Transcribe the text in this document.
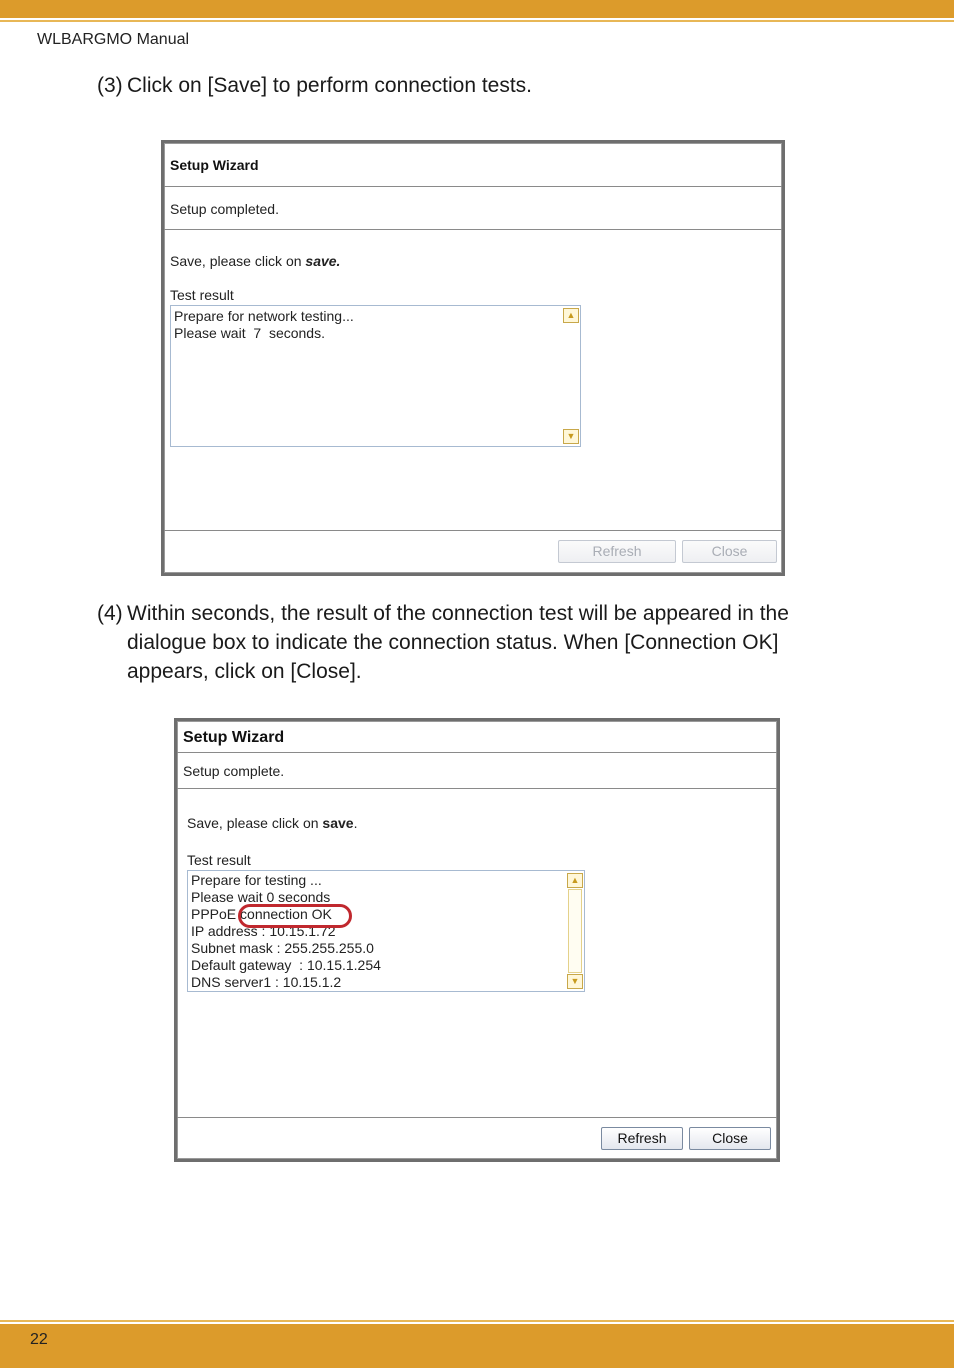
WLBARGMO Manual
(3) Click on [Save] to perform connection tests.
Setup Wizard
Setup completed.
Save, please click on save.
Test result
Prepare for network testing...
Please wait  7  seconds.
▲
▼
Refresh	Close
(4) Within seconds, the result of the connection test will be appeared in the
dialogue box to indicate the connection status. When [Connection OK]
appears, click on [Close].
Setup Wizard
Setup complete.
Save, please click on save.
Test result
Prepare for testing ...
Please wait 0 seconds
PPPoE connection OK
IP address : 10.15.1.72
Subnet mask : 255.255.255.0
Default gateway  : 10.15.1.254
DNS server1 : 10.15.1.2
▲
▼
Refresh	Close
22
